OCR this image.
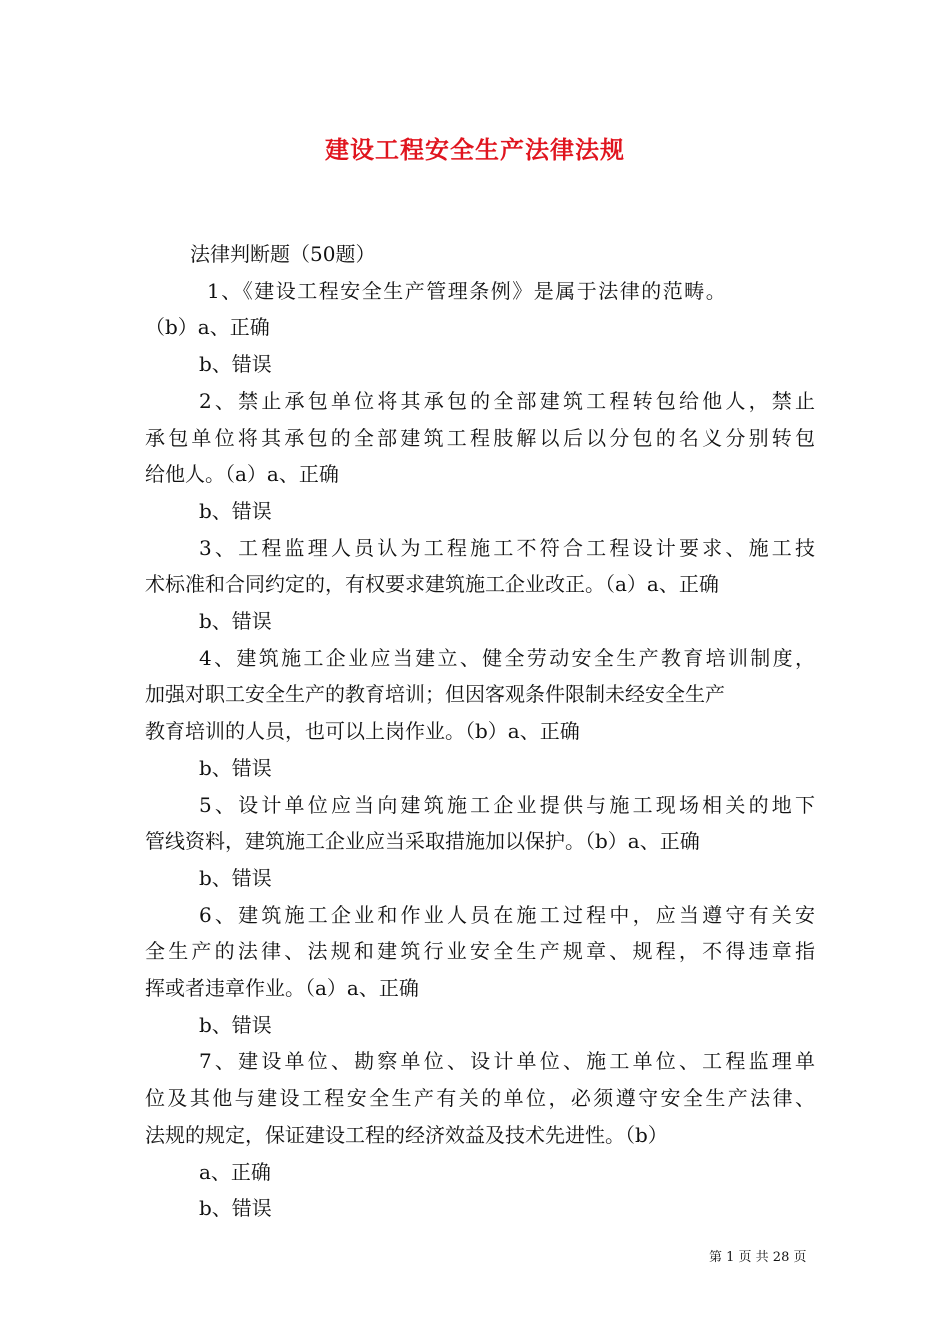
建设工程安全生产法律法规

法律判断题（50题）

1、《建设工程安全生产管理条例》是属于法律的范畴。

（b）a、正确

b、错误

2、禁止承包单位将其承包的全部建筑工程转包给他人，禁止

承包单位将其承包的全部建筑工程肢解以后以分包的名义分别转包

给他人。（a）a、正确

b、错误

3、工程监理人员认为工程施工不符合工程设计要求、施工技

术标准和合同约定的，有权要求建筑施工企业改正。（a）a、正确

b、错误

4、建筑施工企业应当建立、健全劳动安全生产教育培训制度，

加强对职工安全生产的教育培训；但因客观条件限制未经安全生产

教育培训的人员，也可以上岗作业。（b）a、正确

b、错误

5、设计单位应当向建筑施工企业提供与施工现场相关的地下

管线资料，建筑施工企业应当采取措施加以保护。（b）a、正确

b、错误

6、建筑施工企业和作业人员在施工过程中，应当遵守有关安

全生产的法律、法规和建筑行业安全生产规章、规程，不得违章指

挥或者违章作业。（a）a、正确

b、错误

7、建设单位、勘察单位、设计单位、施工单位、工程监理单

位及其他与建设工程安全生产有关的单位，必须遵守安全生产法律、

法规的规定，保证建设工程的经济效益及技术先进性。（b）

a、正确

b、错误

第 1 页 共 28 页
